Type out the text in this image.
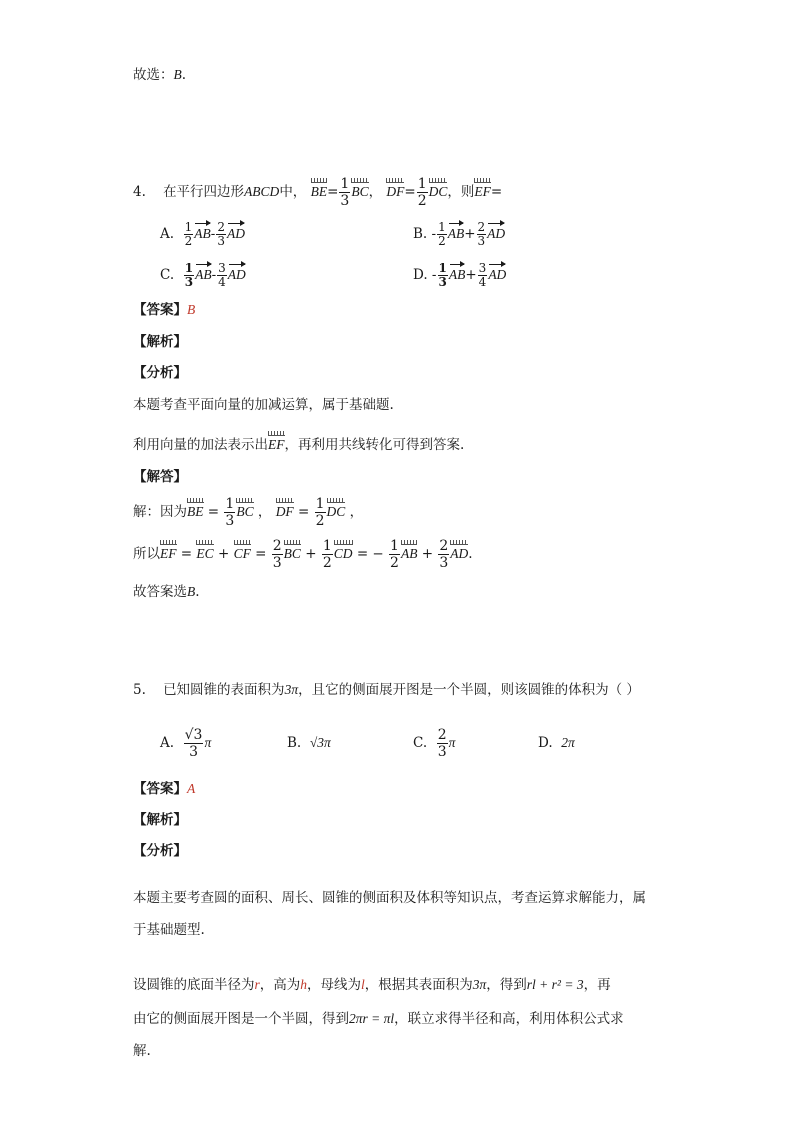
故选：B.
4. 在平行四边形ABCD中， $BE= \frac{1}{3}$ BC， $DF= \frac{1}{2}$ DC，则EF=
A. $\frac{1}{2} AB- \frac{2}{3}$ AD	B. - $\frac{1}{2} AB+ \frac{2}{3}$ AD
C. $\frac{1}{3} AB- \frac{3}{4}$ AD	D. - $\frac{1}{3} AB+ \frac{3}{4}$ AD
【答案】B
【解析】
【分析】
本题考查平面向量的加减运算，属于基础题.
利用向量的加法表示出EF，再利用共线转化可得到答案.
【解答】
解：因为BE = $\frac{1}{3}$ BC ， DF = $\frac{1}{2}$ DC ，
所以EF = EC + CF = $\frac{2}{3}$ BC + $\frac{1}{2}$ CD = − $\frac{1}{2}$ AB + $\frac{2}{3}$ AD.
故答案选B.
5. 已知圆锥的表面积为3π，且它的侧面展开图是一个半圆，则该圆锥的体积为（ ）
A. $\frac{√3}{3}$ π	B. √3π	C. $\frac{2}{3}$ π	D. 2π
【答案】A
【解析】
【分析】
本题主要考查圆的面积、周长、圆锥的侧面积及体积等知识点，考查运算求解能力，属
于基础题型.
设圆锥的底面半径为r，高为h，母线为l，根据其表面积为3π，得到rl + r² = 3，再
由它的侧面展开图是一个半圆，得到2πr = πl，联立求得半径和高，利用体积公式求
解.
